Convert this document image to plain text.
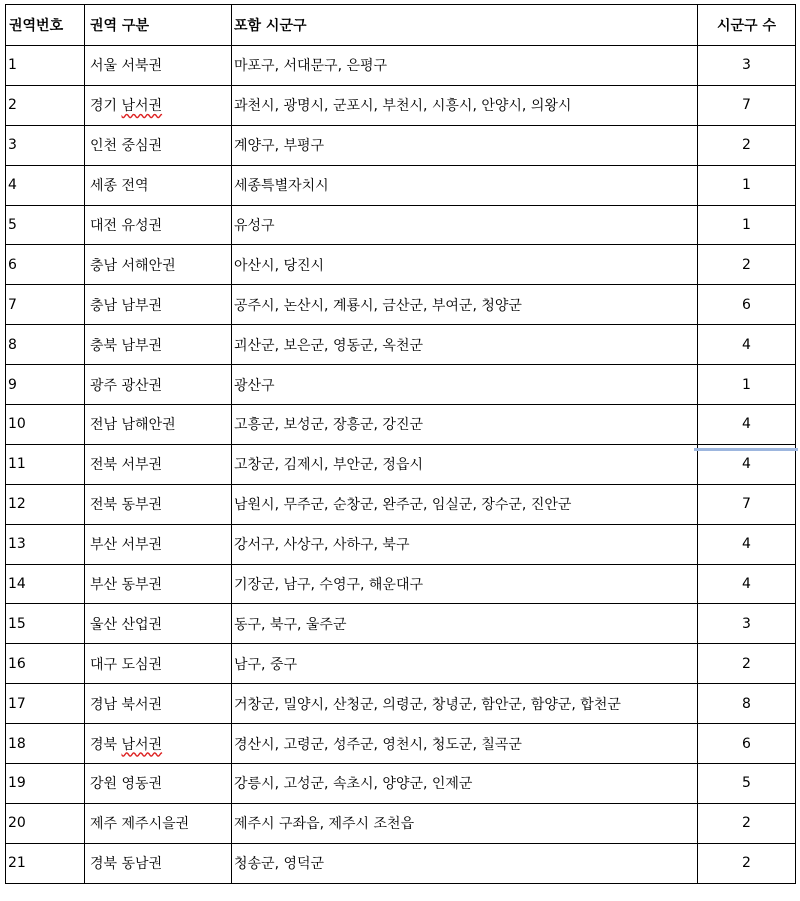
권역번호	권역 구분	포함 시군구	시군구 수
1	서울 서북권	마포구, 서대문구, 은평구	3
2	경기 남서권	과천시, 광명시, 군포시, 부천시, 시흥시, 안양시, 의왕시	7
3	인천 중심권	계양구, 부평구	2
4	세종 전역	세종특별자치시	1
5	대전 유성권	유성구	1
6	충남 서해안권	아산시, 당진시	2
7	충남 남부권	공주시, 논산시, 계룡시, 금산군, 부여군, 청양군	6
8	충북 남부권	괴산군, 보은군, 영동군, 옥천군	4
9	광주 광산권	광산구	1
10	전남 남해안권	고흥군, 보성군, 장흥군, 강진군	4
11	전북 서부권	고창군, 김제시, 부안군, 정읍시	4
12	전북 동부권	남원시, 무주군, 순창군, 완주군, 임실군, 장수군, 진안군	7
13	부산 서부권	강서구, 사상구, 사하구, 북구	4
14	부산 동부권	기장군, 남구, 수영구, 해운대구	4
15	울산 산업권	동구, 북구, 울주군	3
16	대구 도심권	남구, 중구	2
17	경남 북서권	거창군, 밀양시, 산청군, 의령군, 창녕군, 함안군, 함양군, 합천군	8
18	경북 남서권	경산시, 고령군, 성주군, 영천시, 청도군, 칠곡군	6
19	강원 영동권	강릉시, 고성군, 속초시, 양양군, 인제군	5
20	제주 제주시을권	제주시 구좌읍, 제주시 조천읍	2
21	경북 동남권	청송군, 영덕군	2
